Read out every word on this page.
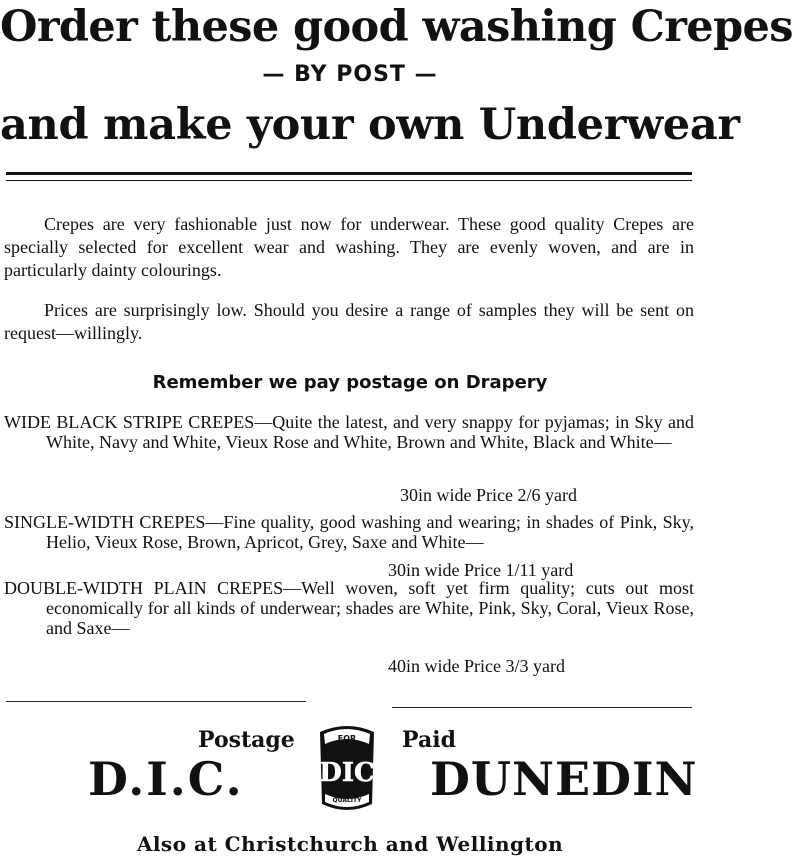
Order these good washing Crepes
— BY POST —
and make your own Underwear
Crepes are very fashionable just now for underwear. These good quality Crepes are specially selected for excellent wear and washing. They are evenly woven, and are in particularly dainty colourings.
Prices are surprisingly low. Should you desire a range of samples they will be sent on request—willingly.
Remember we pay postage on Drapery
WIDE BLACK STRIPE CREPES—Quite the latest, and very snappy for pyjamas; in Sky and White, Navy and White, Vieux Rose and White, Brown and White, Black and White—
30in wide Price 2/6 yard
SINGLE-WIDTH CREPES—Fine quality, good washing and wearing; in shades of Pink, Sky, Helio, Vieux Rose, Brown, Apricot, Grey, Saxe and White—
30in wide Price 1/11 yard
DOUBLE-WIDTH PLAIN CREPES—Well woven, soft yet firm quality; cuts out most economically for all kinds of underwear; shades are White, Pink, Sky, Coral, Vieux Rose, and Saxe—
40in wide Price 3/3 yard
Postage	Paid
D.I.C.
FOR
DIC
QUALITY DUNEDIN
Also at Christchurch and Wellington
